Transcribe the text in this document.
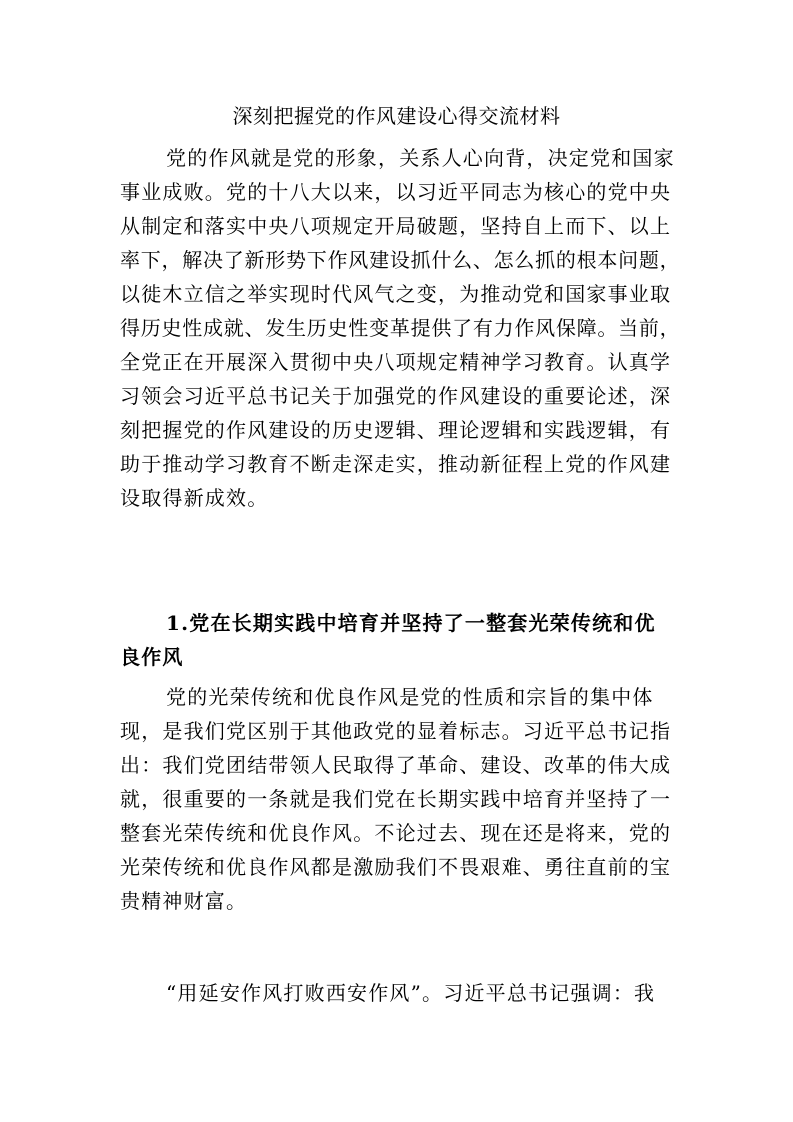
深刻把握党的作风建设心得交流材料
党的作风就是党的形象，关系人心向背，决定党和国家
事业成败。党的十八大以来，以习近平同志为核心的党中央
从制定和落实中央八项规定开局破题，坚持自上而下、以上
率下，解决了新形势下作风建设抓什么、怎么抓的根本问题，
以徙木立信之举实现时代风气之变，为推动党和国家事业取
得历史性成就、发生历史性变革提供了有力作风保障。当前，
全党正在开展深入贯彻中央八项规定精神学习教育。认真学
习领会习近平总书记关于加强党的作风建设的重要论述，深
刻把握党的作风建设的历史逻辑、理论逻辑和实践逻辑，有
助于推动学习教育不断走深走实，推动新征程上党的作风建
设取得新成效。
1.党在长期实践中培育并坚持了一整套光荣传统和优
良作风
党的光荣传统和优良作风是党的性质和宗旨的集中体
现，是我们党区别于其他政党的显着标志。习近平总书记指
出：我们党团结带领人民取得了革命、建设、改革的伟大成
就，很重要的一条就是我们党在长期实践中培育并坚持了一
整套光荣传统和优良作风。不论过去、现在还是将来，党的
光荣传统和优良作风都是激励我们不畏艰难、勇往直前的宝
贵精神财富。
“用延安作风打败西安作风”。习近平总书记强调：我
